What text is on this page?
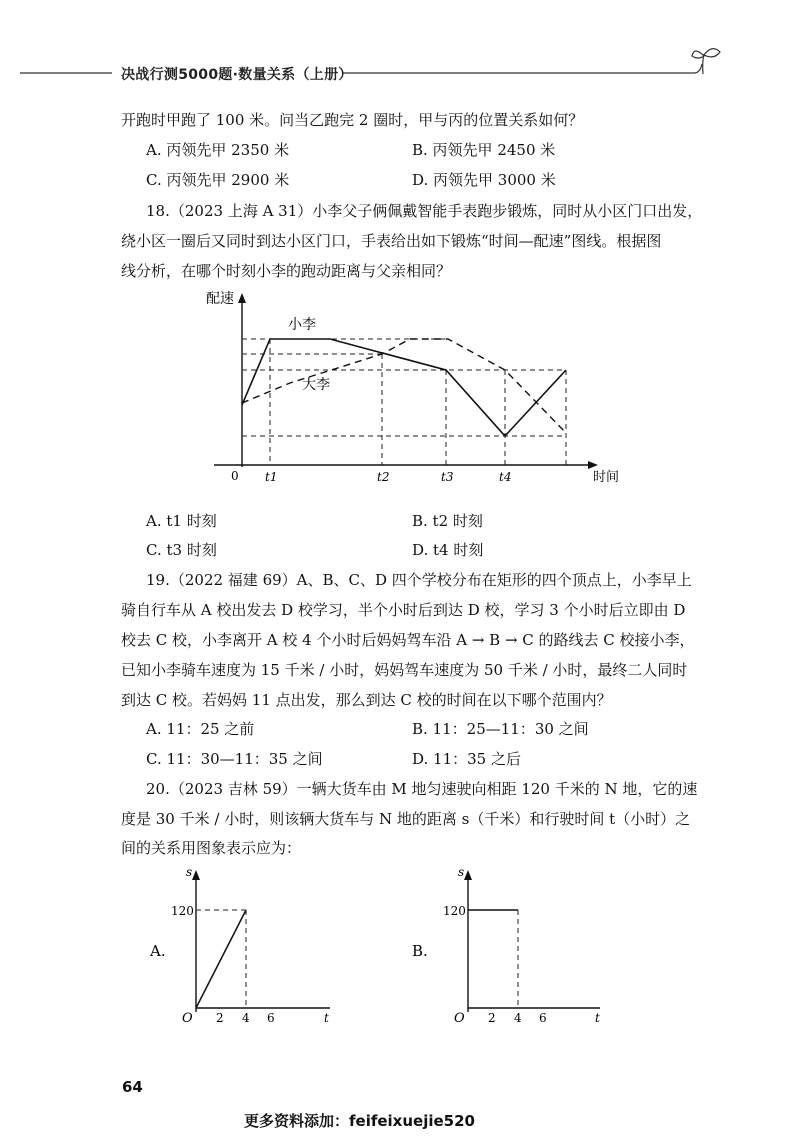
决战行测5000题·数量关系（上册）
开跑时甲跑了 100 米。问当乙跑完 2 圈时，甲与丙的位置关系如何？
A. 丙领先甲 2350 米	B. 丙领先甲 2450 米
C. 丙领先甲 2900 米	D. 丙领先甲 3000 米
18.（2023 上海 A 31）小李父子俩佩戴智能手表跑步锻炼，同时从小区门口出发，
绕小区一圈后又同时到达小区门口，手表给出如下锻炼“时间—配速”图线。根据图
线分析，在哪个时刻小李的跑动距离与父亲相同？
配速
时间
小李
大李
0 t1	t2	t3	t4
A. t1 时刻	B. t2 时刻
C. t3 时刻	D. t4 时刻
19.（2022 福建 69）A、B、C、D 四个学校分布在矩形的四个顶点上，小李早上
骑自行车从 A 校出发去 D 校学习，半个小时后到达 D 校，学习 3 个小时后立即由 D
校去 C 校，小李离开 A 校 4 个小时后妈妈驾车沿 A → B → C 的路线去 C 校接小李，
已知小李骑车速度为 15 千米 / 小时，妈妈驾车速度为 50 千米 / 小时，最终二人同时
到达 C 校。若妈妈 11 点出发，那么到达 C 校的时间在以下哪个范围内？
A. 11：25 之前	B. 11：25—11：30 之间
C. 11：30—11：35 之间	D. 11：35 之后
20.（2023 吉林 59）一辆大货车由 M 地匀速驶向相距 120 千米的 N 地，它的速
度是 30 千米 / 小时，则该辆大货车与 N 地的距离 s（千米）和行驶时间 t（小时）之
间的关系用图象表示应为：
A.
s
120
O 2 4 6	t
B.
s
120
O 2 4 6	t
64
更多资料添加：feifeixuejie520
